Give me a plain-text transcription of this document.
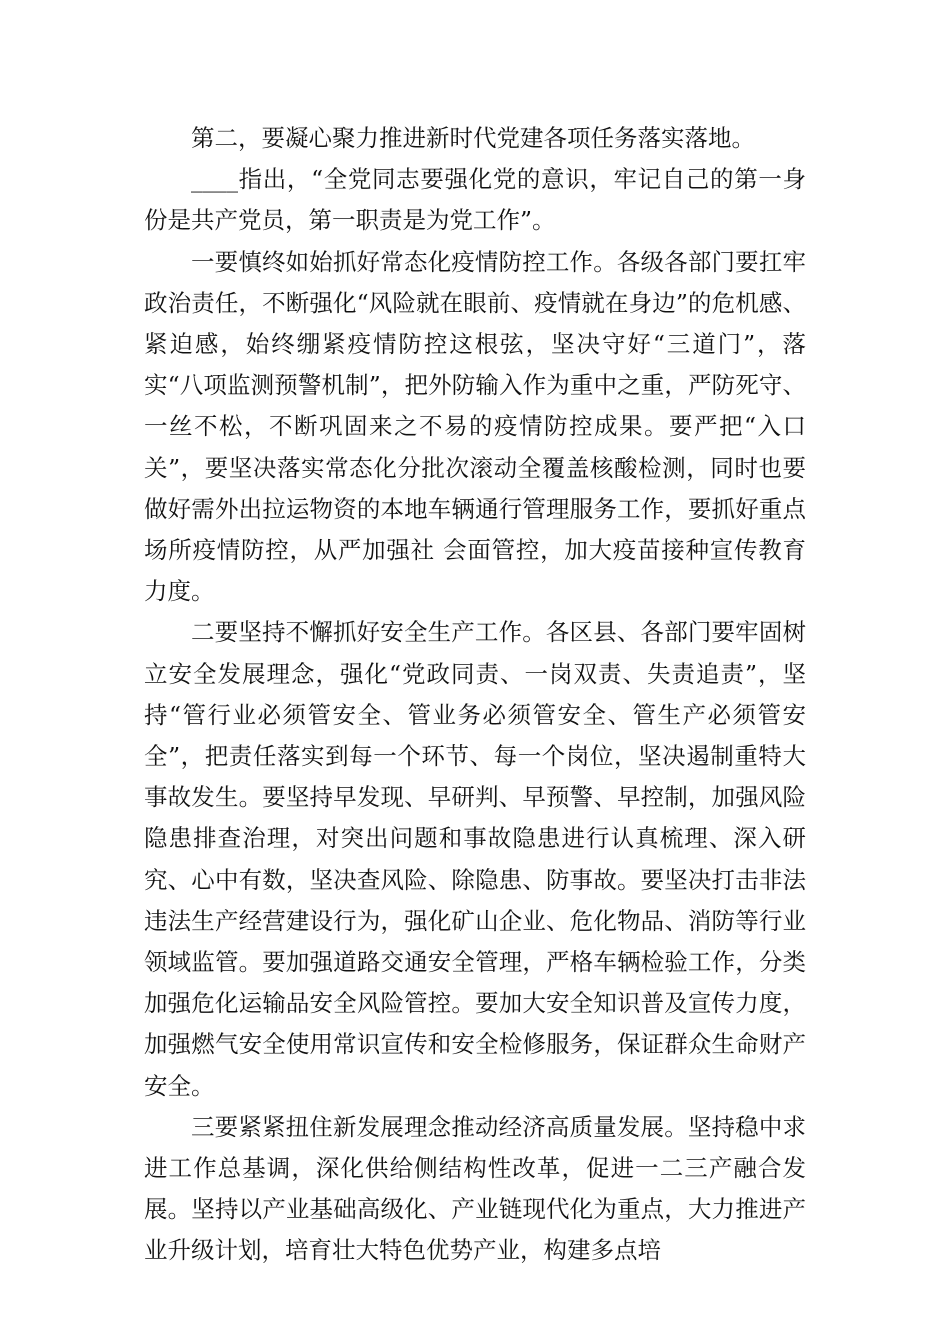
第二，要凝心聚力推进新时代党建各项任务落实落地。

____指出，“全党同志要强化党的意识，牢记自己的第一身份是共产党员，第一职责是为党工作”。

一要慎终如始抓好常态化疫情防控工作。各级各部门要扛牢政治责任，不断强化“风险就在眼前、疫情就在身边”的危机感、紧迫感，始终绷紧疫情防控这根弦，坚决守好“三道门”，落实“八项监测预警机制”，把外防输入作为重中之重，严防死守、一丝不松，不断巩固来之不易的疫情防控成果。要严把“入口关”，要坚决落实常态化分批次滚动全覆盖核酸检测，同时也要做好需外出拉运物资的本地车辆通行管理服务工作，要抓好重点场所疫情防控，从严加强社 会面管控，加大疫苗接种宣传教育力度。

二要坚持不懈抓好安全生产工作。各区县、各部门要牢固树立安全发展理念，强化“党政同责、一岗双责、失责追责”，坚持“管行业必须管安全、管业务必须管安全、管生产必须管安全”，把责任落实到每一个环节、每一个岗位，坚决遏制重特大事故发生。要坚持早发现、早研判、早预警、早控制，加强风险隐患排查治理，对突出问题和事故隐患进行认真梳理、深入研究、心中有数，坚决查风险、除隐患、防事故。要坚决打击非法违法生产经营建设行为，强化矿山企业、危化物品、消防等行业领域监管。要加强道路交通安全管理，严格车辆检验工作，分类加强危化运输品安全风险管控。要加大安全知识普及宣传力度，加强燃气安全使用常识宣传和安全检修服务，保证群众生命财产安全。

三要紧紧扭住新发展理念推动经济高质量发展。坚持稳中求进工作总基调，深化供给侧结构性改革，促进一二三产融合发展。坚持以产业基础高级化、产业链现代化为重点，大力推进产业升级计划，培育壮大特色优势产业，构建多点培
